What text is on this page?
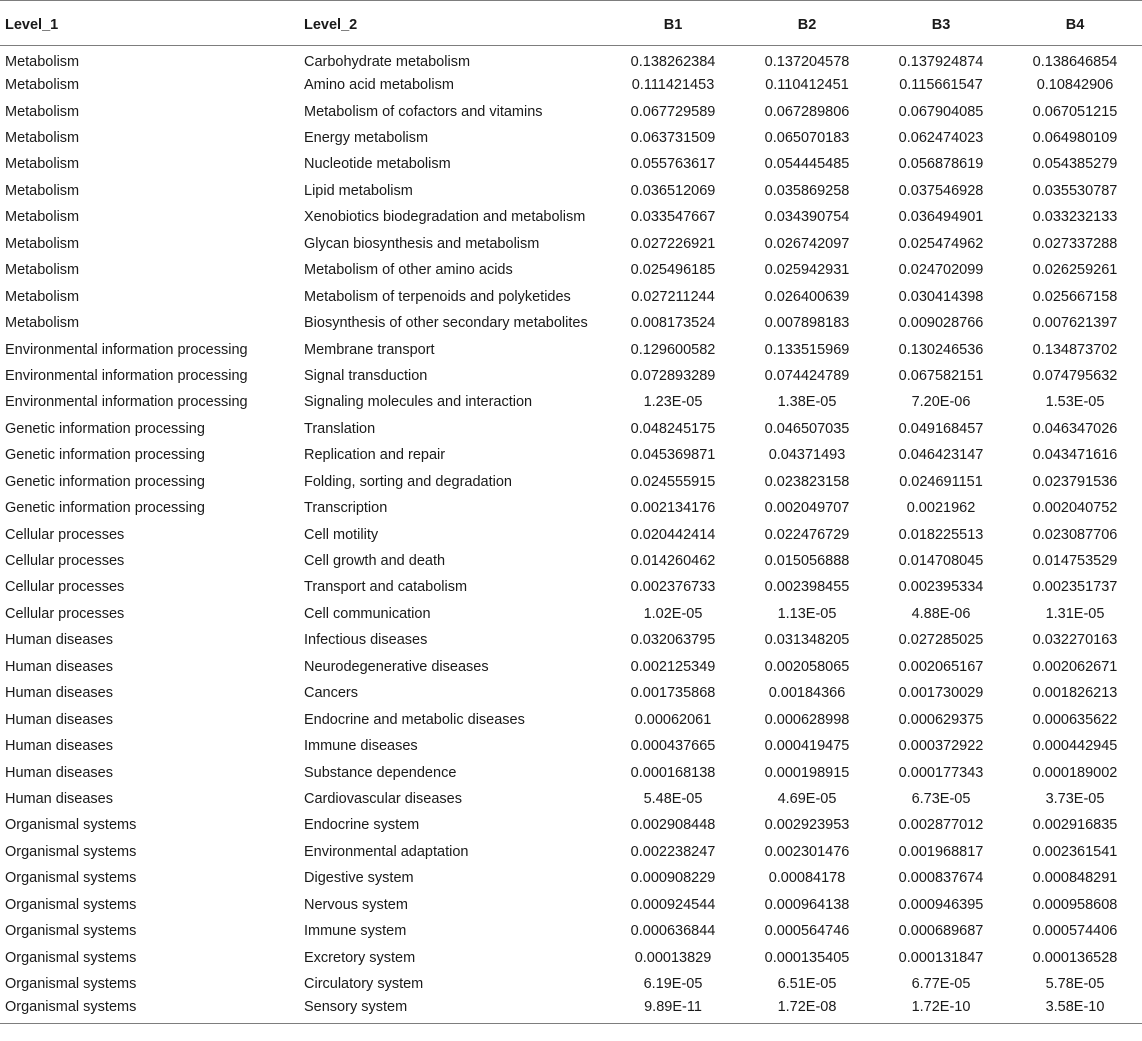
Level_1	Level_2	B1	B2	B3	B4
Metabolism	Carbohydrate metabolism	0.138262384	0.137204578	0.137924874	0.138646854
Metabolism	Amino acid metabolism	0.111421453	0.110412451	0.115661547	0.10842906
Metabolism	Metabolism of cofactors and vitamins	0.067729589	0.067289806	0.067904085	0.067051215
Metabolism	Energy metabolism	0.063731509	0.065070183	0.062474023	0.064980109
Metabolism	Nucleotide metabolism	0.055763617	0.054445485	0.056878619	0.054385279
Metabolism	Lipid metabolism	0.036512069	0.035869258	0.037546928	0.035530787
Metabolism	Xenobiotics biodegradation and metabolism	0.033547667	0.034390754	0.036494901	0.033232133
Metabolism	Glycan biosynthesis and metabolism	0.027226921	0.026742097	0.025474962	0.027337288
Metabolism	Metabolism of other amino acids	0.025496185	0.025942931	0.024702099	0.026259261
Metabolism	Metabolism of terpenoids and polyketides	0.027211244	0.026400639	0.030414398	0.025667158
Metabolism	Biosynthesis of other secondary metabolites	0.008173524	0.007898183	0.009028766	0.007621397
Environmental information processing	Membrane transport	0.129600582	0.133515969	0.130246536	0.134873702
Environmental information processing	Signal transduction	0.072893289	0.074424789	0.067582151	0.074795632
Environmental information processing	Signaling molecules and interaction	1.23E-05	1.38E-05	7.20E-06	1.53E-05
Genetic information processing	Translation	0.048245175	0.046507035	0.049168457	0.046347026
Genetic information processing	Replication and repair	0.045369871	0.04371493	0.046423147	0.043471616
Genetic information processing	Folding, sorting and degradation	0.024555915	0.023823158	0.024691151	0.023791536
Genetic information processing	Transcription	0.002134176	0.002049707	0.0021962	0.002040752
Cellular processes	Cell motility	0.020442414	0.022476729	0.018225513	0.023087706
Cellular processes	Cell growth and death	0.014260462	0.015056888	0.014708045	0.014753529
Cellular processes	Transport and catabolism	0.002376733	0.002398455	0.002395334	0.002351737
Cellular processes	Cell communication	1.02E-05	1.13E-05	4.88E-06	1.31E-05
Human diseases	Infectious diseases	0.032063795	0.031348205	0.027285025	0.032270163
Human diseases	Neurodegenerative diseases	0.002125349	0.002058065	0.002065167	0.002062671
Human diseases	Cancers	0.001735868	0.00184366	0.001730029	0.001826213
Human diseases	Endocrine and metabolic diseases	0.00062061	0.000628998	0.000629375	0.000635622
Human diseases	Immune diseases	0.000437665	0.000419475	0.000372922	0.000442945
Human diseases	Substance dependence	0.000168138	0.000198915	0.000177343	0.000189002
Human diseases	Cardiovascular diseases	5.48E-05	4.69E-05	6.73E-05	3.73E-05
Organismal systems	Endocrine system	0.002908448	0.002923953	0.002877012	0.002916835
Organismal systems	Environmental adaptation	0.002238247	0.002301476	0.001968817	0.002361541
Organismal systems	Digestive system	0.000908229	0.00084178	0.000837674	0.000848291
Organismal systems	Nervous system	0.000924544	0.000964138	0.000946395	0.000958608
Organismal systems	Immune system	0.000636844	0.000564746	0.000689687	0.000574406
Organismal systems	Excretory system	0.00013829	0.000135405	0.000131847	0.000136528
Organismal systems	Circulatory system	6.19E-05	6.51E-05	6.77E-05	5.78E-05
Organismal systems	Sensory system	9.89E-11	1.72E-08	1.72E-10	3.58E-10
